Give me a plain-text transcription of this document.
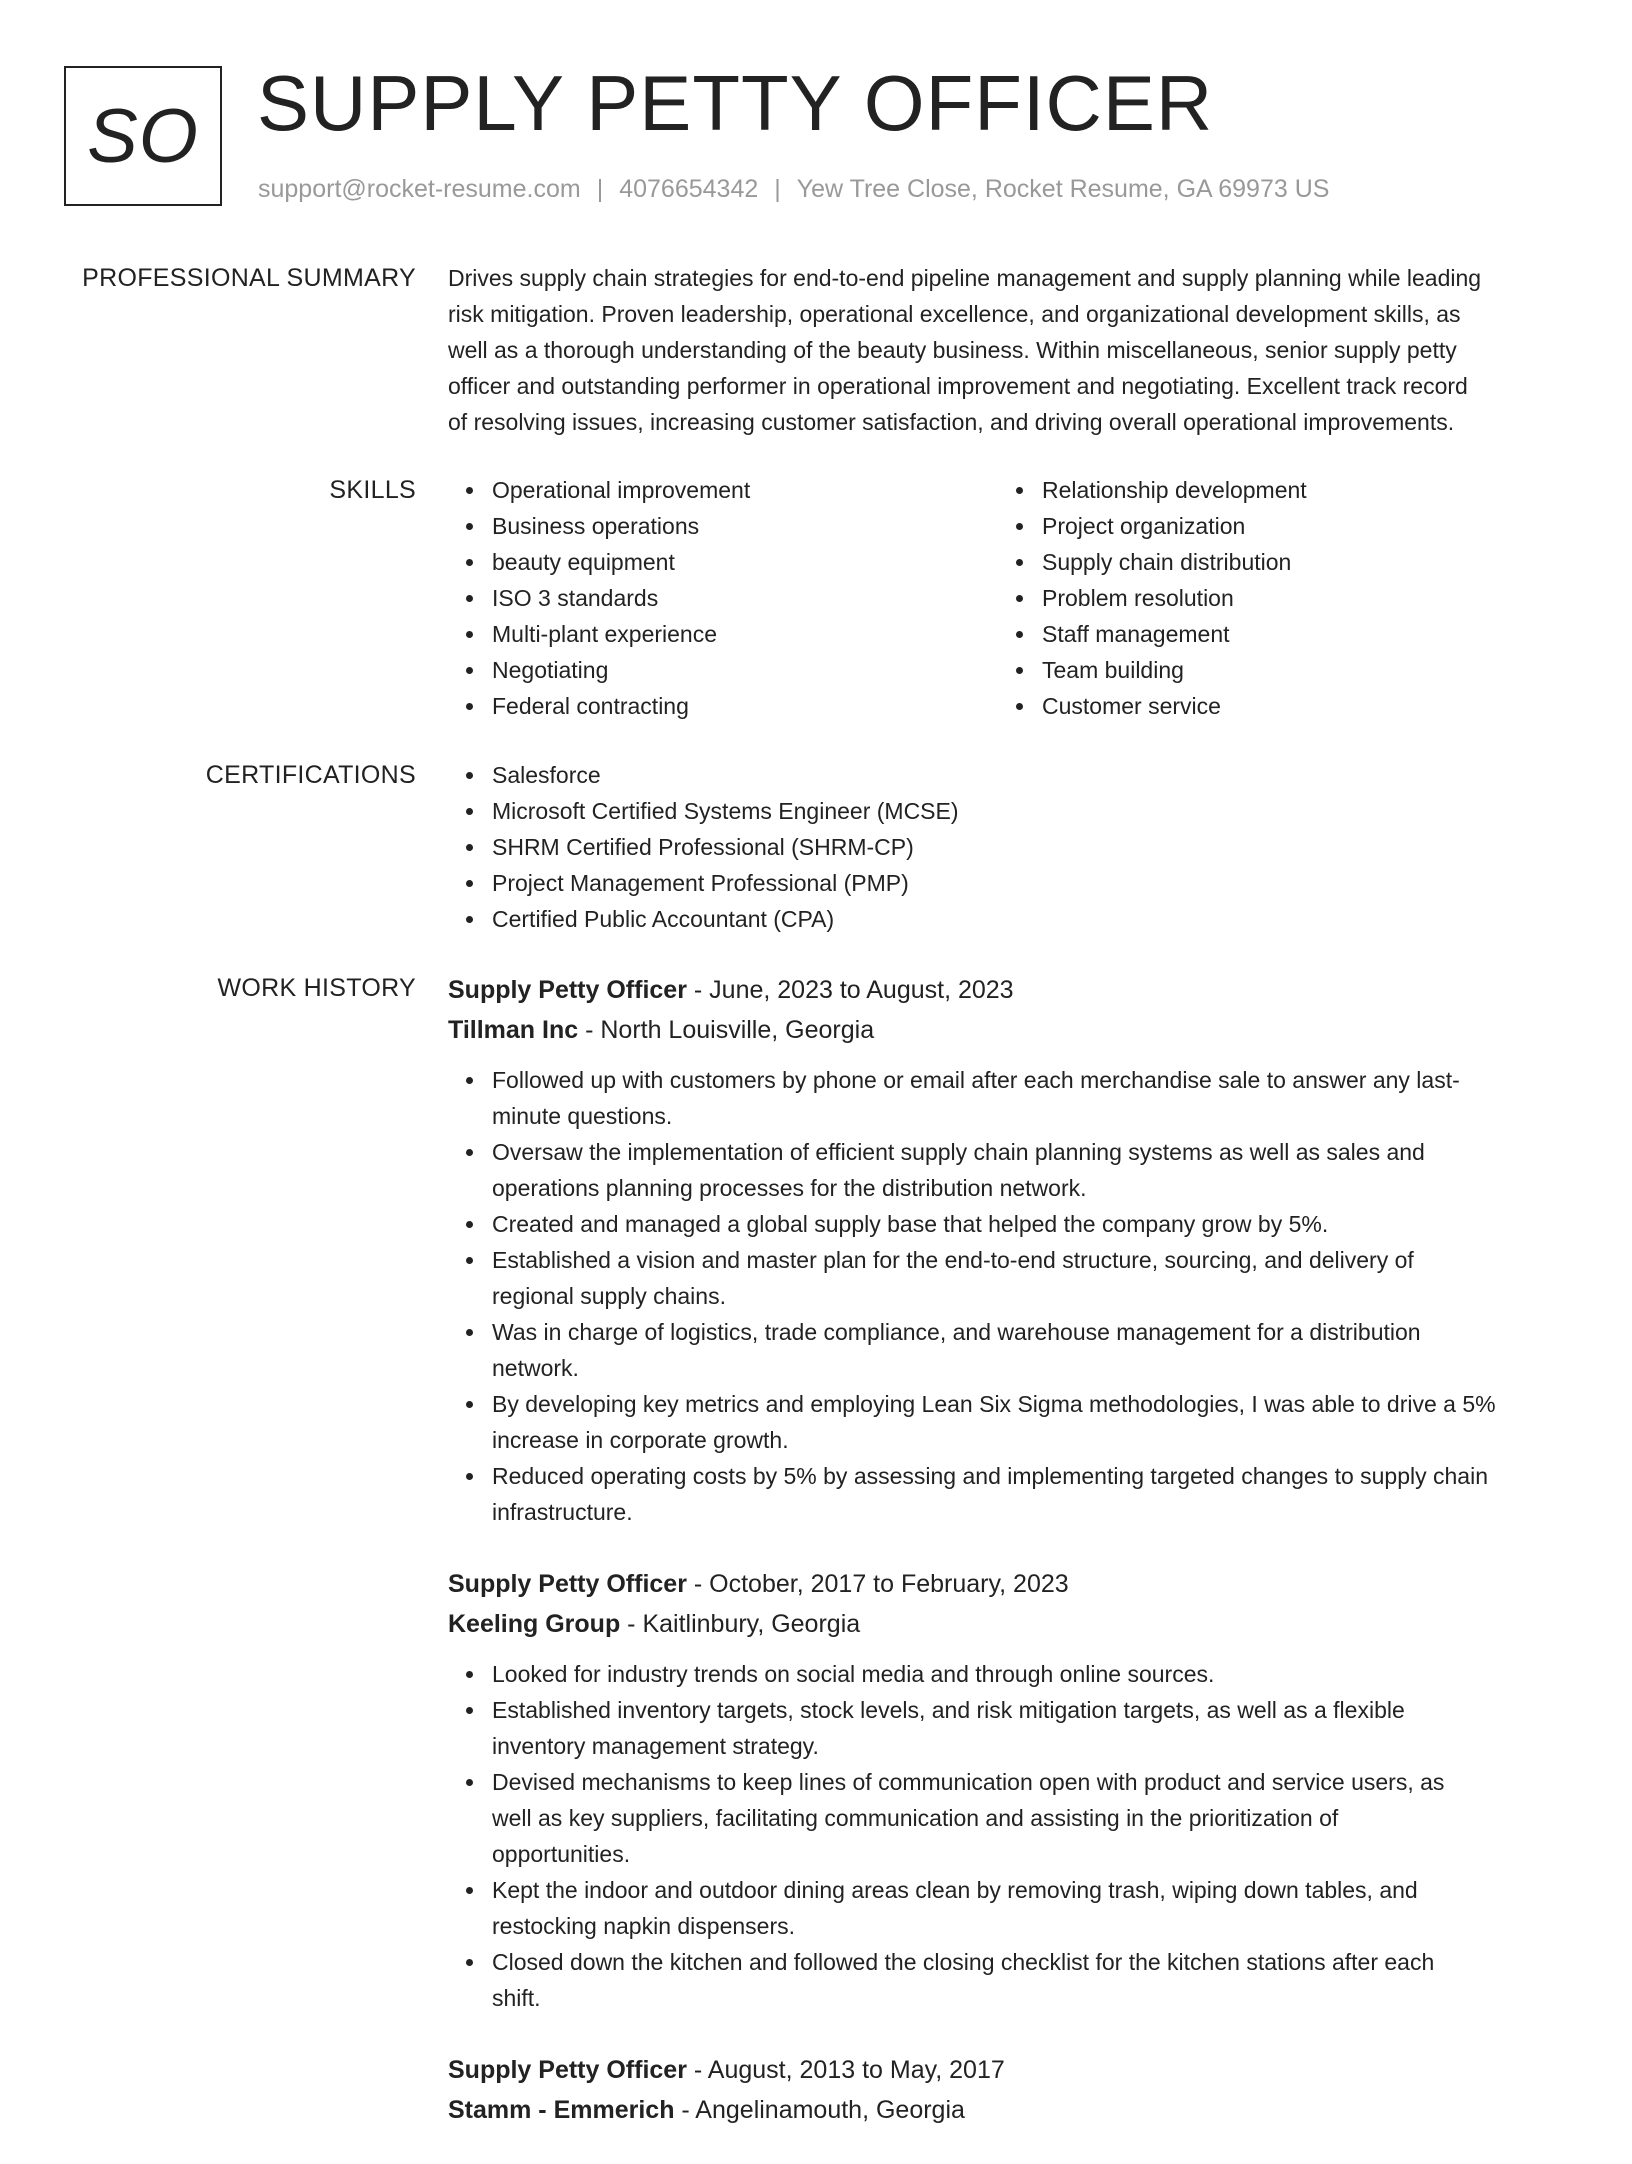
SO SUPPLY PETTY OFFICER
support@rocket-resume.com | 4076654342 | Yew Tree Close, Rocket Resume, GA 69973 US
PROFESSIONAL SUMMARY Drives supply chain strategies for end-to-end pipeline management and supply planning while leading
risk mitigation. Proven leadership, operational excellence, and organizational development skills, as
well as a thorough understanding of the beauty business. Within miscellaneous, senior supply petty
officer and outstanding performer in operational improvement and negotiating. Excellent track record
of resolving issues, increasing customer satisfaction, and driving overall operational improvements.
SKILLS	Operational improvement
Business operations
beauty equipment
ISO 3 standards
Multi-plant experience
Negotiating
Federal contracting
Relationship development
Project organization
Supply chain distribution
Problem resolution
Staff management
Team building
Customer service
CERTIFICATIONS	Salesforce
Microsoft Certified Systems Engineer (MCSE)
SHRM Certified Professional (SHRM-CP)
Project Management Professional (PMP)
Certified Public Accountant (CPA)
WORK HISTORY Supply Petty Officer - June, 2023 to August, 2023
Tillman Inc - North Louisville, Georgia
Followed up with customers by phone or email after each merchandise sale to answer any last-
minute questions.
Oversaw the implementation of efficient supply chain planning systems as well as sales and
operations planning processes for the distribution network.
Created and managed a global supply base that helped the company grow by 5%.
Established a vision and master plan for the end-to-end structure, sourcing, and delivery of
regional supply chains.
Was in charge of logistics, trade compliance, and warehouse management for a distribution
network.
By developing key metrics and employing Lean Six Sigma methodologies, I was able to drive a 5%
increase in corporate growth.
Reduced operating costs by 5% by assessing and implementing targeted changes to supply chain
infrastructure.
Supply Petty Officer - October, 2017 to February, 2023
Keeling Group - Kaitlinbury, Georgia
Looked for industry trends on social media and through online sources.
Established inventory targets, stock levels, and risk mitigation targets, as well as a flexible
inventory management strategy.
Devised mechanisms to keep lines of communication open with product and service users, as
well as key suppliers, facilitating communication and assisting in the prioritization of
opportunities.
Kept the indoor and outdoor dining areas clean by removing trash, wiping down tables, and
restocking napkin dispensers.
Closed down the kitchen and followed the closing checklist for the kitchen stations after each
shift.
Supply Petty Officer - August, 2013 to May, 2017
Stamm - Emmerich - Angelinamouth, Georgia
